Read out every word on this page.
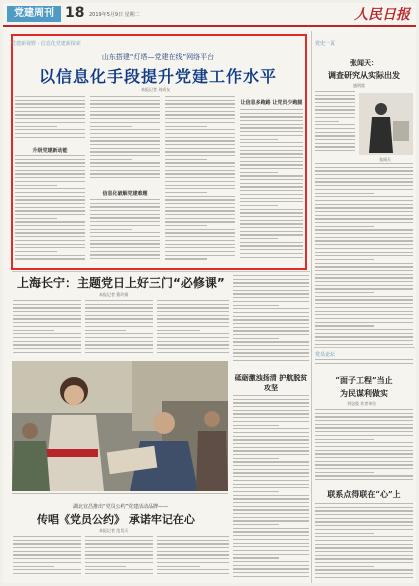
党建周刊 18 2019年5月9日 星期二	人民日报
党建新视野 · 信息化党建新探索
山东搭建“灯塔—党建在线”网络平台
以信息化手段提升党建工作水平
本报记者 刘成友
升级党建新动能
信息化破解党建难题
让信息多跑路 让党员少跑腿
上海长宁：主题党日上好三门“必修课”
本报记者 曹玲娟
湖北宜昌推出“党员公约”党建活动品牌——
传唱《党员公约》 承诺牢记在心
本报记者 范昊天
砥砺激浊扬清 护航脱贫攻坚
党史一页
张闻天：
调查研究从实际出发
盛明富
张闻天
党员论坛
“面子工程”当止
为民谋利做实
刘忠俊 作者单位
联系点得联在“心”上
